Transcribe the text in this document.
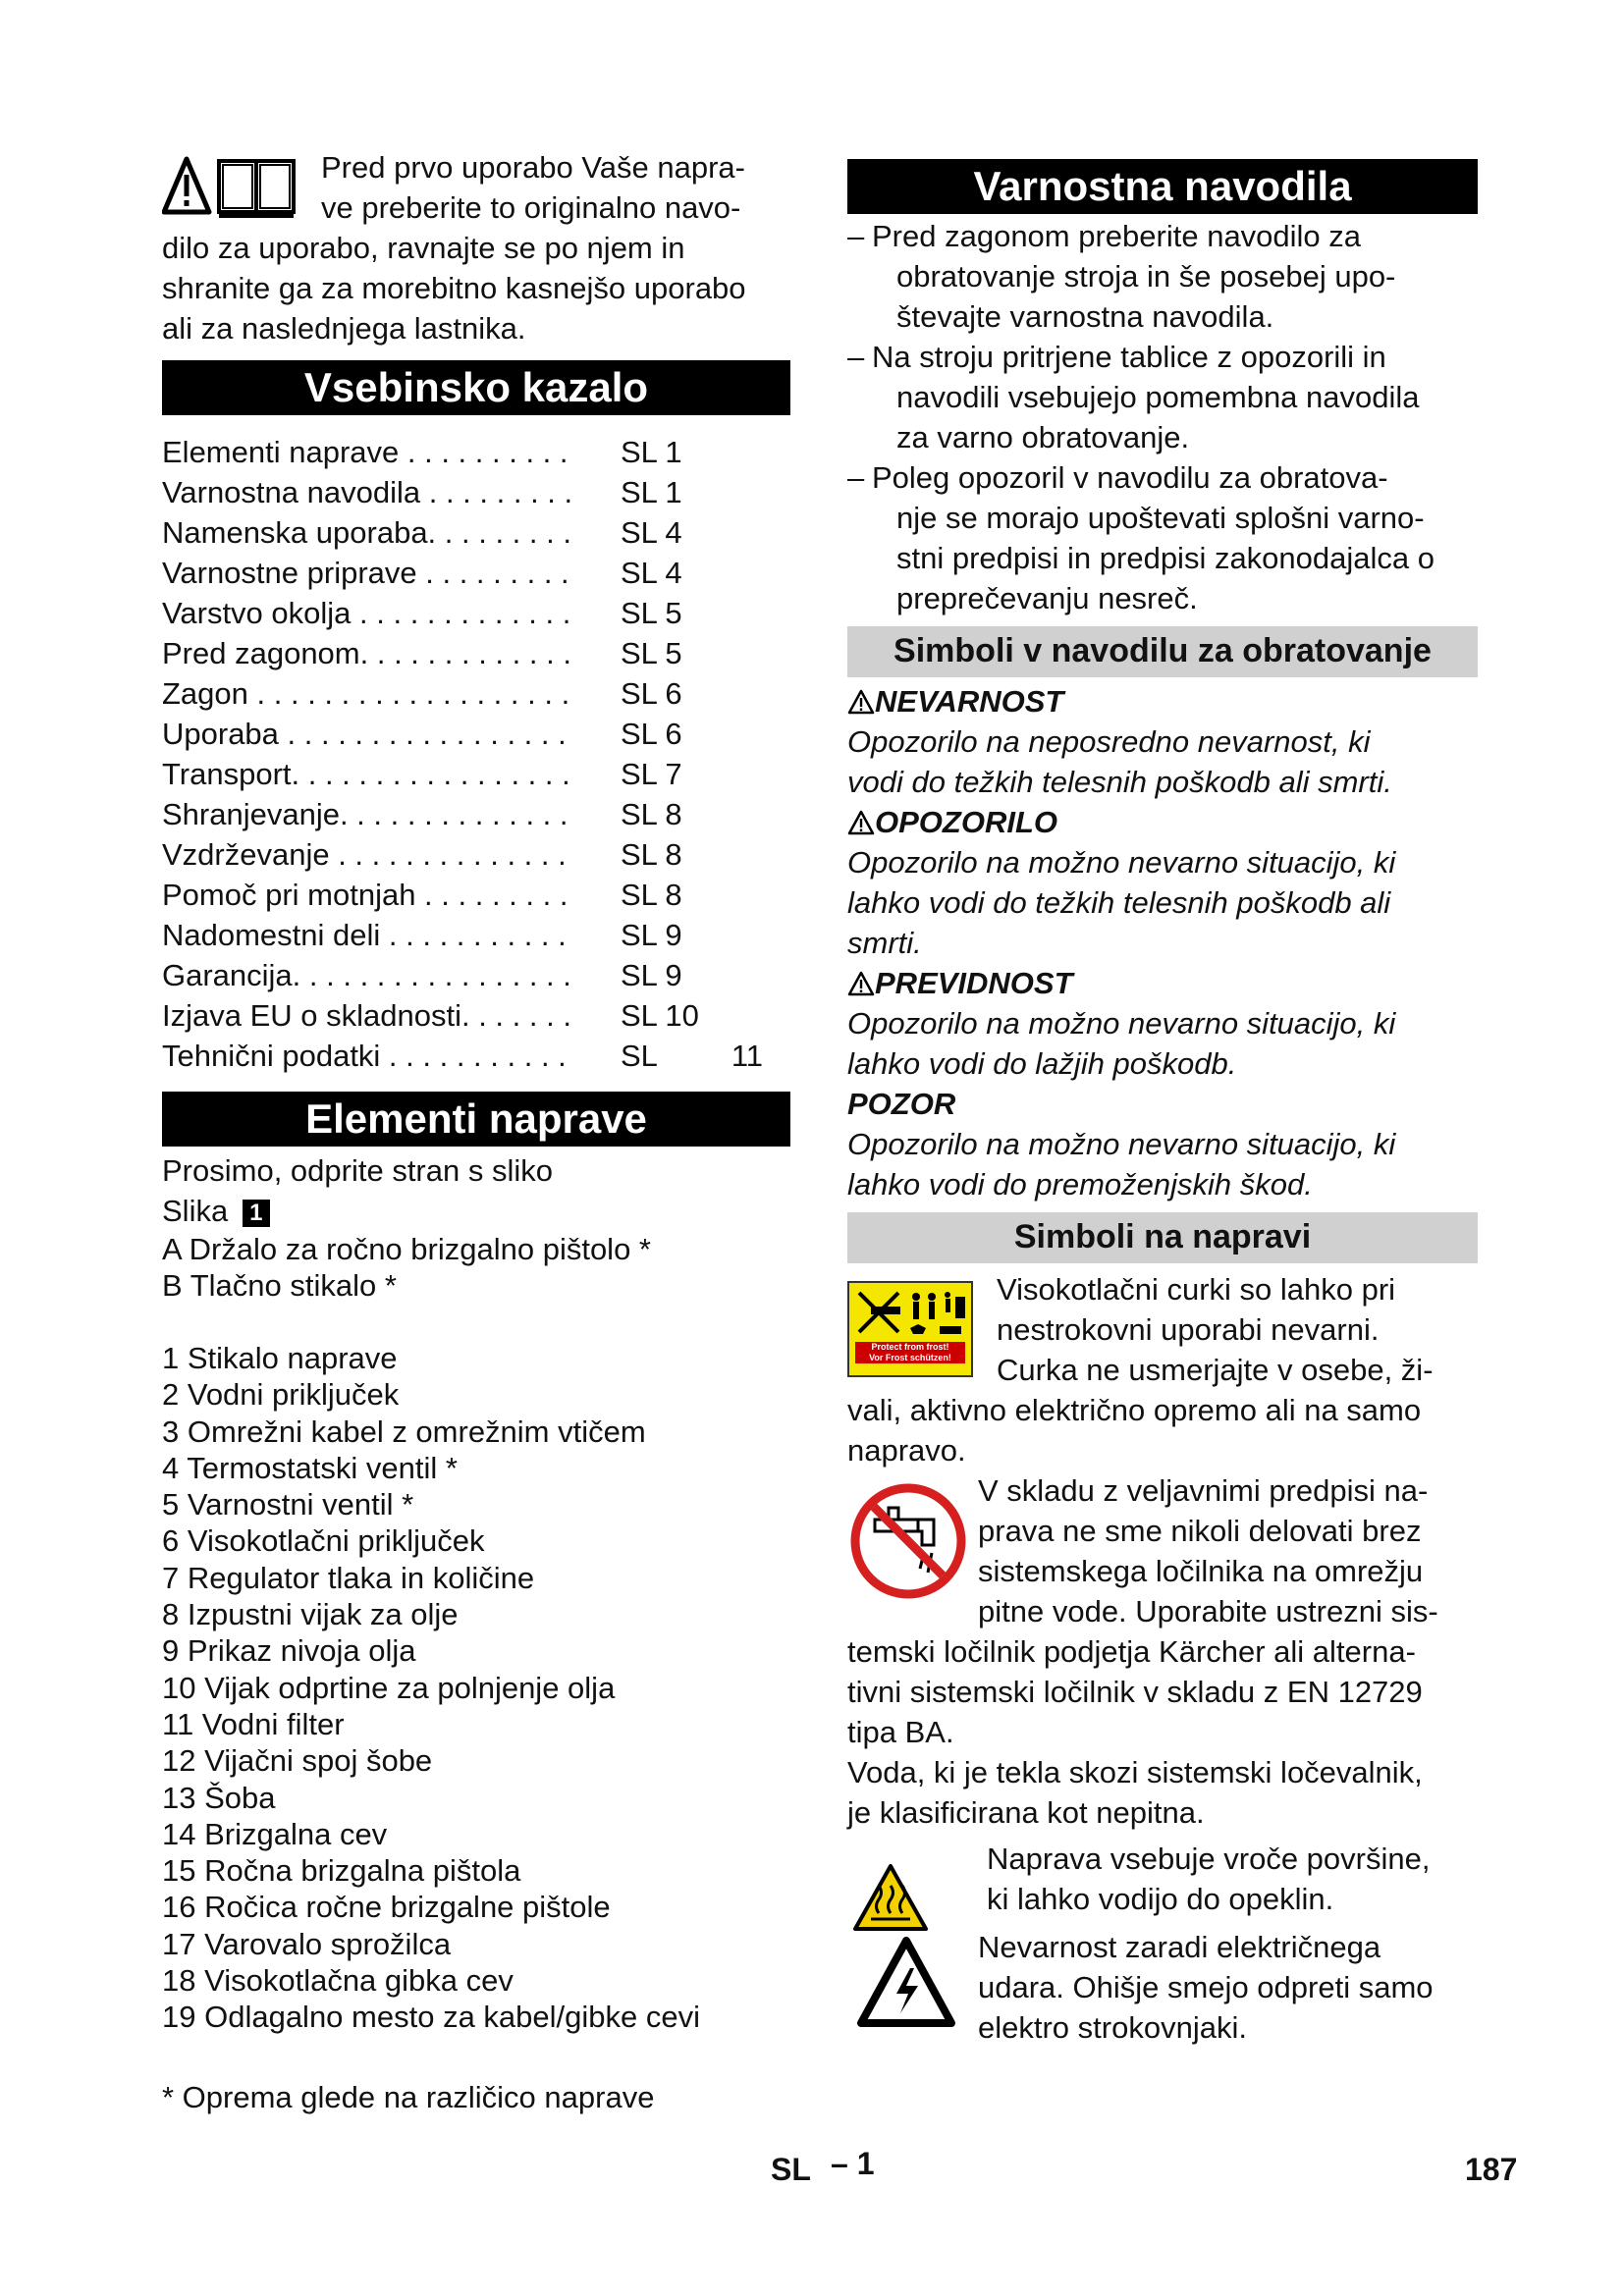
Pred prvo uporabo Vaše napra-
ve preberite to originalno navo-
dilo za uporabo, ravnajte se po njem in
shranite ga za morebitno kasnejšo uporabo
ali za naslednjega lastnika.
Vsebinsko kazalo
Elementi naprave . . . . . . . . . .	SL 1
Varnostna navodila . . . . . . . . .	SL 1
Namenska uporaba. . . . . . . . .	SL 4
Varnostne priprave . . . . . . . . .	SL 4
Varstvo okolja . . . . . . . . . . . . .	SL 5
Pred zagonom. . . . . . . . . . . . .	SL 5
Zagon . . . . . . . . . . . . . . . . . . .	SL 6
Uporaba . . . . . . . . . . . . . . . . .	SL 6
Transport. . . . . . . . . . . . . . . . .	SL 7
Shranjevanje. . . . . . . . . . . . . .	SL 8
Vzdrževanje . . . . . . . . . . . . . .	SL 8
Pomoč pri motnjah . . . . . . . . .	SL 8
Nadomestni deli . . . . . . . . . . .	SL 9
Garancija. . . . . . . . . . . . . . . . .	SL 9
Izjava EU o skladnosti. . . . . . .	SL 10
Tehnični podatki . . . . . . . . . . .	SL	11
Elementi naprave
Prosimo, odprite stran s sliko
Slika 1
A Držalo za ročno brizgalno pištolo *
B Tlačno stikalo *
1 Stikalo naprave
2 Vodni priključek
3 Omrežni kabel z omrežnim vtičem
4 Termostatski ventil *
5 Varnostni ventil *
6 Visokotlačni priključek
7 Regulator tlaka in količine
8 Izpustni vijak za olje
9 Prikaz nivoja olja
10 Vijak odprtine za polnjenje olja
11 Vodni filter
12 Vijačni spoj šobe
13 Šoba
14 Brizgalna cev
15 Ročna brizgalna pištola
16 Ročica ročne brizgalne pištole
17 Varovalo sprožilca
18 Visokotlačna gibka cev
19 Odlagalno mesto za kabel/gibke cevi
* Oprema glede na različico naprave
Varnostna navodila
– Pred zagonom preberite navodilo za
obratovanje stroja in še posebej upo-
števajte varnostna navodila.
– Na stroju pritrjene tablice z opozorili in
navodili vsebujejo pomembna navodila
za varno obratovanje.
– Poleg opozoril v navodilu za obratova-
nje se morajo upoštevati splošni varno-
stni predpisi in predpisi zakonodajalca o
preprečevanju nesreč.
Simboli v navodilu za obratovanje
NEVARNOST
Opozorilo na neposredno nevarnost, ki
vodi do težkih telesnih poškodb ali smrti.
OPOZORILO
Opozorilo na možno nevarno situacijo, ki
lahko vodi do težkih telesnih poškodb ali
smrti.
PREVIDNOST
Opozorilo na možno nevarno situacijo, ki
lahko vodi do lažjih poškodb.
POZOR
Opozorilo na možno nevarno situacijo, ki
lahko vodi do premoženjskih škod.
Simboli na napravi
Protect from frost!
Vor Frost schützen!
Visokotlačni curki so lahko pri
nestrokovni uporabi nevarni.
Curka ne usmerjajte v osebe, ži-
vali, aktivno električno opremo ali na samo
napravo.
V skladu z veljavnimi predpisi na-
prava ne sme nikoli delovati brez
sistemskega ločilnika na omrežju
pitne vode. Uporabite ustrezni sis-
temski ločilnik podjetja Kärcher ali alterna-
tivni sistemski ločilnik v skladu z EN 12729
tipa BA.
Voda, ki je tekla skozi sistemski ločevalnik,
je klasificirana kot nepitna.
Naprava vsebuje vroče površine,
ki lahko vodijo do opeklin.
Nevarnost zaradi električnega
udara. Ohišje smejo odpreti samo
elektro strokovnjaki.
SL – 1	187
